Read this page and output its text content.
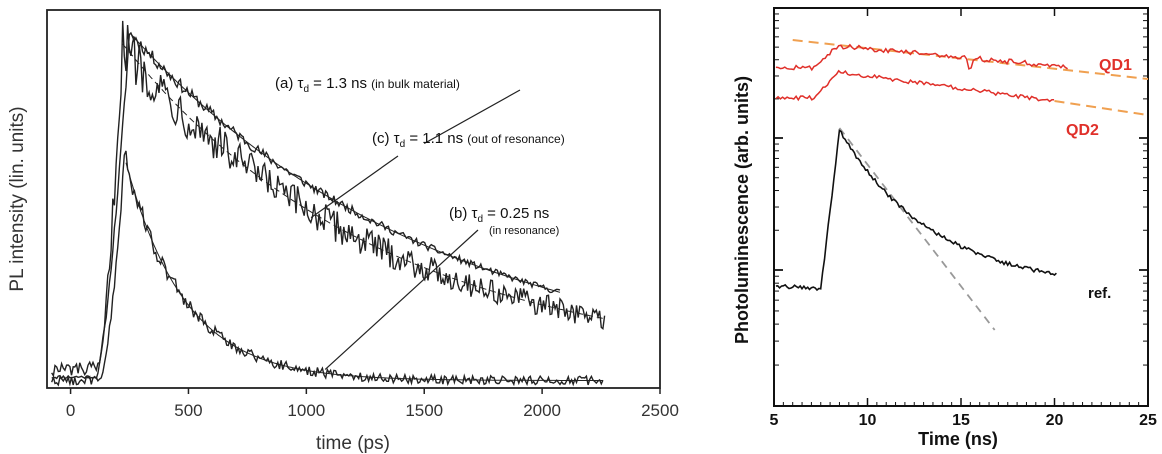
0	500	1000	1500	2000	2500
time (ps)
PL intensity (lin. units)
(a) $\tau_d = 1.3$ ns (in bulk material)
(c) $\tau_d = 1.1$ ns (out of resonance)
(b) $\tau_d = 0.25$ ns
(in resonance)
5	10	15	20	25
Time (ns)
Photoluminescence (arb. units)
QD1
QD2
ref.
